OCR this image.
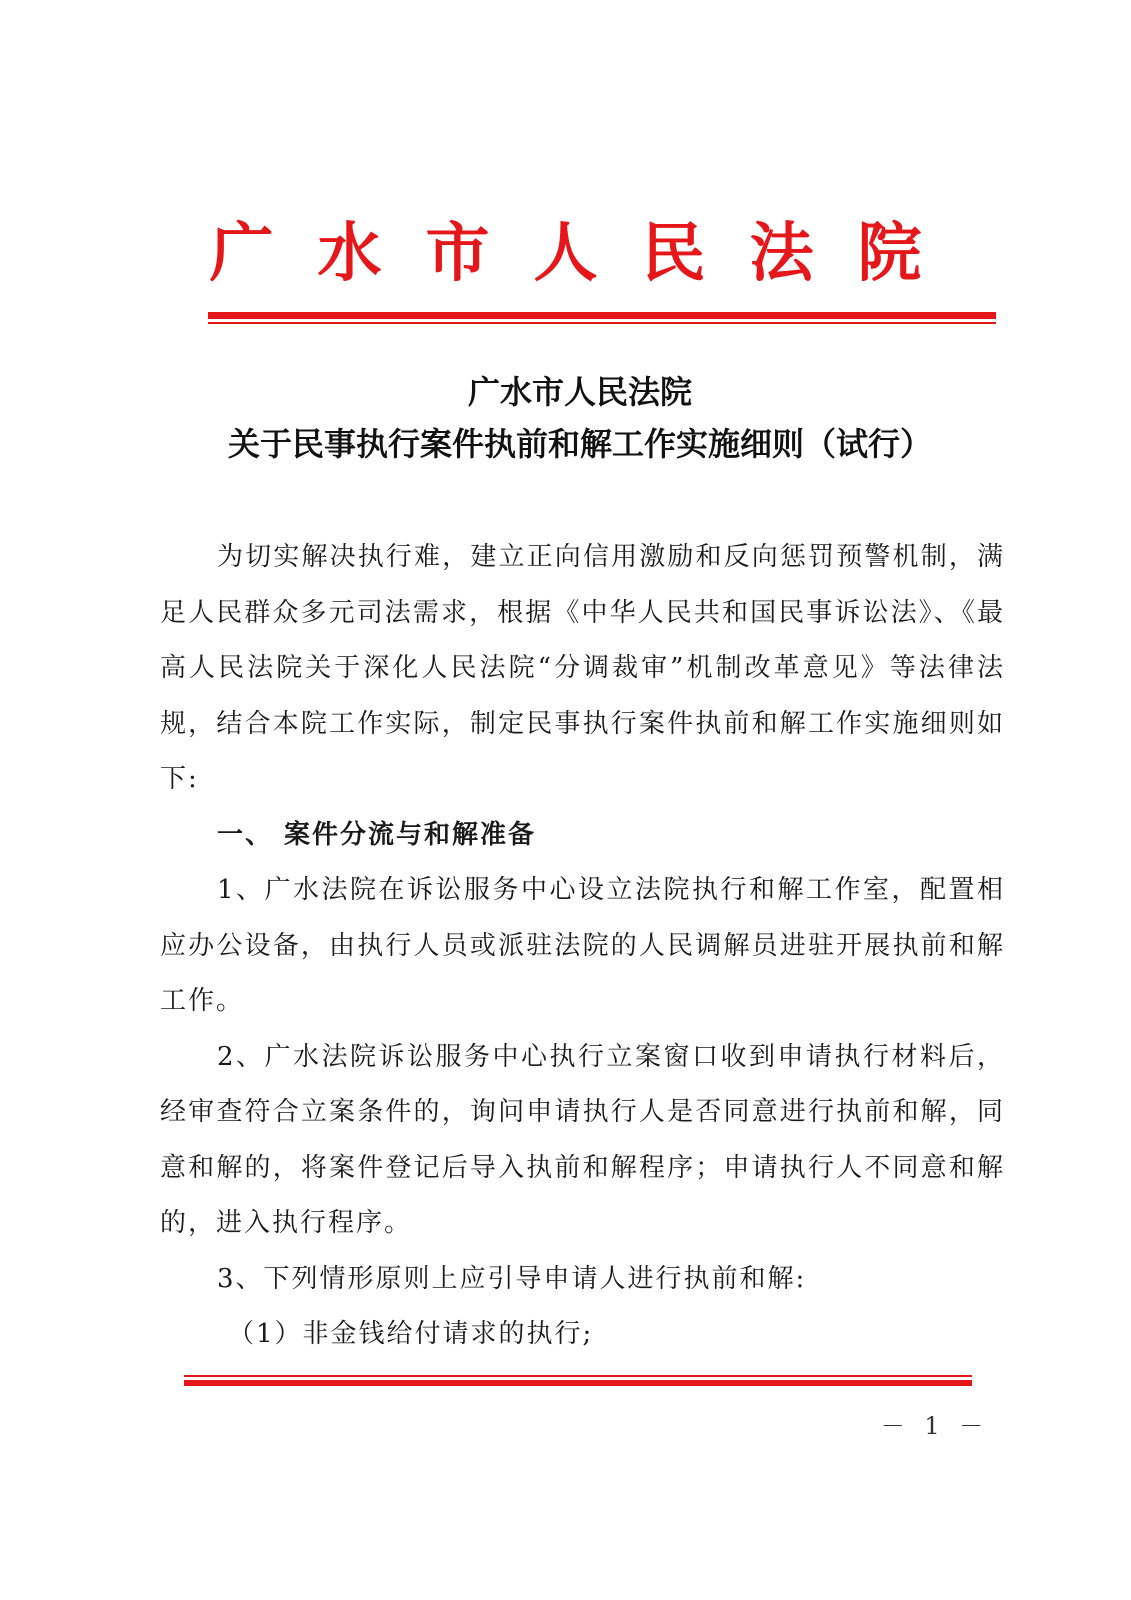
广水市人民法院
广水市人民法院
关于民事执行案件执前和解工作实施细则（试行）

为切实解决执行难，建立正向信用激励和反向惩罚预警机制，满足人民群众多元司法需求，根据《中华人民共和国民事诉讼法》、《最高人民法院关于深化人民法院“分调裁审”机制改革意见》等法律法规，结合本院工作实际，制定民事执行案件执前和解工作实施细则如下:

一、 案件分流与和解准备

1、广水法院在诉讼服务中心设立法院执行和解工作室，配置相应办公设备，由执行人员或派驻法院的人民调解员进驻开展执前和解工作。

2、广水法院诉讼服务中心执行立案窗口收到申请执行材料后，经审查符合立案条件的，询问申请执行人是否同意进行执前和解，同意和解的，将案件登记后导入执前和解程序；申请执行人不同意和解的，进入执行程序。

3、下列情形原则上应引导申请人进行执前和解:

（1）非金钱给付请求的执行;

－ 1 －
